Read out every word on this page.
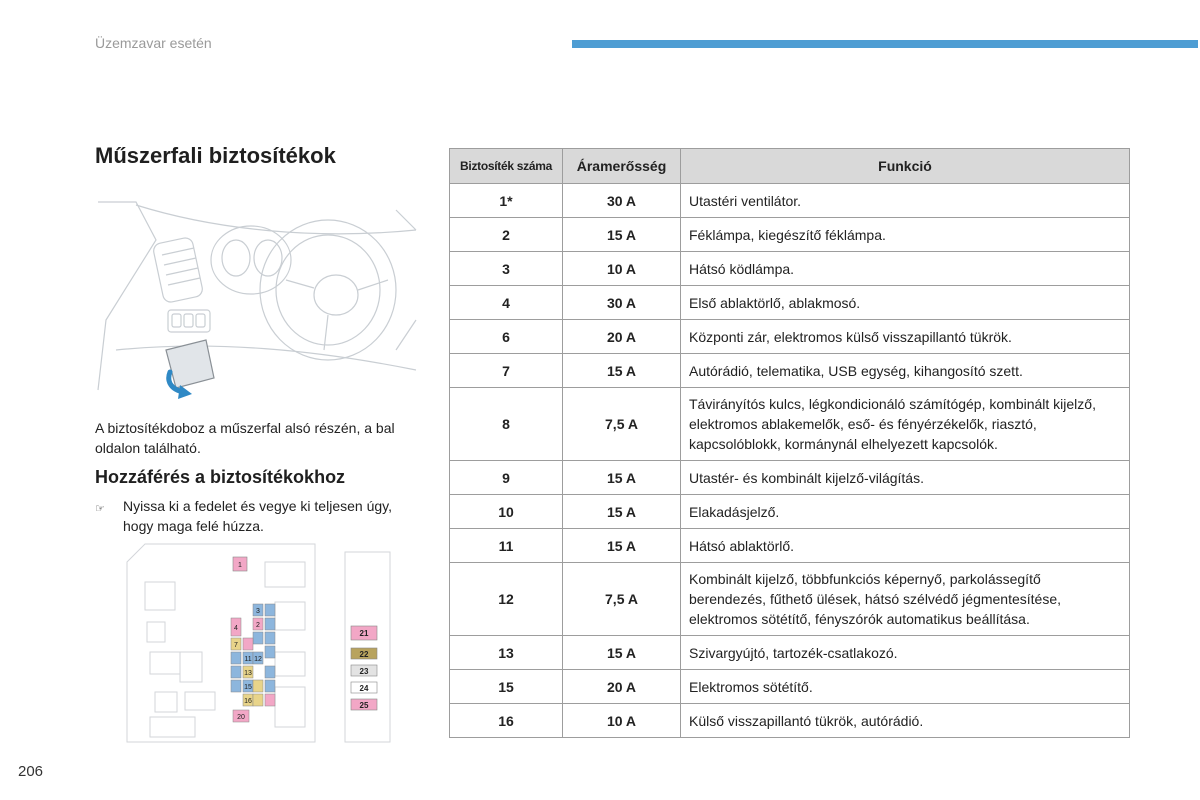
Üzemzavar esetén
Műszerfali biztosítékok
A biztosítékdoboz a műszerfal alsó részén, a bal oldalon található.
Hozzáférés a biztosítékokhoz
☞	Nyissa ki a fedelet és vegye ki teljesen úgy, hogy maga felé húzza.
1
3
2
4
7
11 12
13
15
16
20
21
22
23
24
25
206
Biztosíték száma	Áramerősség	Funkció
1*	30 A	Utastéri ventilátor.
2	15 A	Féklámpa, kiegészítő féklámpa.
3	10 A	Hátsó ködlámpa.
4	30 A	Első ablaktörlő, ablakmosó.
6	20 A	Központi zár, elektromos külső visszapillantó tükrök.
7	15 A	Autórádió, telematika, USB egység, kihangosító szett.
8	7,5 A	Távirányítós kulcs, légkondicionáló számítógép, kombinált kijelző, elektromos ablakemelők, eső- és fényérzékelők, riasztó, kapcsolóblokk, kormánynál elhelyezett kapcsolók.
9	15 A	Utastér- és kombinált kijelző-világítás.
10	15 A	Elakadásjelző.
11	15 A	Hátsó ablaktörlő.
12	7,5 A	Kombinált kijelző, többfunkciós képernyő, parkolássegítő berendezés, fűthető ülések, hátsó szélvédő jégmentesítése, elektromos sötétítő, fényszórók automatikus beállítása.
13	15 A	Szivargyújtó, tartozék-csatlakozó.
15	20 A	Elektromos sötétítő.
16	10 A	Külső visszapillantó tükrök, autórádió.
